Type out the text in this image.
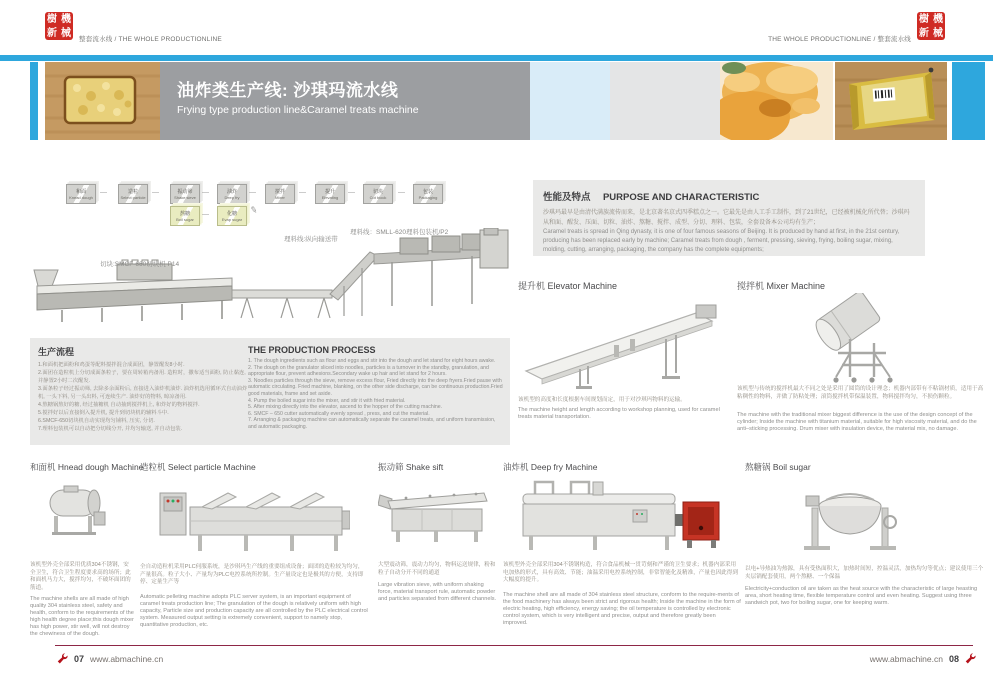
樹 機
新 械
整套流水线 / THE WHOLE PRODUCTIONLINE	THE WHOLE PRODUCTIONLINE / 整套流水线
樹 機
新 械
油炸类生产线: 沙琪玛流水线
Frying type production line&Caramel treats machine
和面
Knead dough
造粒
Select particle
振动筛
Shake sieve
油炸
Deep fry
搅拌
Mixer
提升
Elevating
切块
Cut block
包装
Packaging
—	—	—	—	—	—	—
熬糖
Boil sugar
—	化糖
Evap sugar
✎
切块:SMCF-660切块机 P14
理料线:纵向输送带
理料线：SMLL-620理料包装机/P2
生产流程
1.和面机把面粉和鸡蛋等配料搅拌混合成面团，静置醒发8小时.
2.面团在造粒机上分切成面条粒子，要在周转箱内备用. 造粒时，撒布适当面粉, 防止黏连, 并静置2小时二次醒发.
3.面条粒子经过振动筛, 去除多余面粉后, 直接进入油炸机油炸. 油炸机选用循环式自动油炸机, 一头下料, 另一头出料, 可连续生产. 油炸好的物料, 晾凉备用.
4.熬糖锅熬好的糖, 经过抽糖机 自动抽到搅拌机上, 和炸好的物料搅拌.
5.搅拌好以后直接倒入提升机, 提升到切块机的辅料斗中.
6.SMCF-650切块机自动实现均匀铺料, 压实, 分切.
7.理料包装机可以自动把分切线分开, 并均匀输送, 并自动包装.
THE PRODUCTION PROCESS
1. The dough ingredients such as flour and eggs and stir into the dough and let stand for eight hours awake.
2. The dough on the granulator sliced into noodles, particles is a turnover in the standby, granulation, and appropriate flour, prevent adhesions.Secondary wake up hair and let stand for 2 hours.
3. Noodles particles through the sieve, remove excess flour, Fried directly into the deep fryers.Fried pause with automatic circulating. Fried machine, blanking, on the other side discharge, can be continuous production.Fried good materials, frame and set aside.
4. Pump the boiled sugar into the mixer, and stir it with fried material.
5. After mixing directly into the elevator, ascend to the hopper of the cutting machine.
6. SMCF – 650 cutter automatically evenly spread , press, and cut the material.
7. Arranging & packaging machine can automatically separate the caramel treats, and uniform transmission, and automatic packaging.
性能及特点 PURPOSE AND CHARACTERISTIC
沙琪玛最早是由清代满族流传而来，是北京著名京式四季糕点之一。它最先是由人工手工制作，到了21世纪，已经被机械化所代替；沙琪玛从和面、醒发、压面、切粒、油炸、熬糖、搅拌、成型、分切、理料、包装，全套设备本公司均有生产；
Caramel treats is spread in Qing dynasty, it is one of four famous seasons of Beijing. It is produced by hand at first, in the 21st century, producing has been replaced early by machine; Caramel treats from dough , ferment, pressing, sieving, frying, boiling sugar, mixing, molding, cutting, arranging, packaging, the company has the complete equipments;
提升机 Elevator Machine
该机型的高度和长度根据车间规划而定，用于对沙琪玛物料的运输。
The machine height and length according to workshop planning, used for caramel treats material transportation.
搅拌机 Mixer Machine
该机型与传统的搅拌机最大不同之处是采用了圆筒的设计理念；机器内部带有不粘锅材质，适用于高粘稠性的物料，并做了防粘处理；滚筒搅拌机带保温装置，物料搅拌均匀，不损伤颗粒。
The machine with the traditional mixer biggest difference is the use of the design concept of the cylinder; Inside the machine with titanium material, suitable for high viscosity material, and do the anti–sticking processing. Drum mixer with insulation device, the material mix, no damage.
和面机 Hnead dough Machine
该机型外壳全部采用优质304不锈钢，安全卫生，符合卫生程度要求高的场所；此和面机马力大，搅拌均匀，不破坏面团的筋道。
The machine shells are all made of high quality 304 stainless steel, safety and health, conform to the requirements of the high health degree place;this dough mixer has high power, stir well, will not destroy the chewiness of the dough.
造粒机 Select particle Machine
全自动造粒机采用PLC伺服系统，是沙琪玛生产线的重要组成设备；面团的造粒较为均匀，产量很高。粒子大小、产量均为PLC电控系统所控制。生产量设定也是极其的方便，支持即停、定量生产等
Automatic pelleting machine adopts PLC server system, is an important equipment of caramel treats production line; The granulation of the dough is relatively uniform with high capacity, Particle size and production capacity are all controlled by the PLC electrical control system. Measured output setting is extremely convenient, support to namely stop, quantitative production, etc.
振动筛 Shake sift
大型震动筛，震动力均匀，物料运送规律，粉和粒子自动分开不同的通道
Large vibration sieve, with uniform shaking force, material transport rule, automatic powder and particles separated from different channels.
油炸机 Deep fry Machine
该机型外壳全部采用304不锈钢构造，符合食品机械一贯苛刻和严谨的卫生要求；机器内部采用电加热的形式，具有高效、节能；油温采用电控系统控制，非常智能化及精准，产量也因此得到大幅度的提升。
The machine shell are all made of 304 stainless steel structure, conform to the require-ments of the food machinery has always been strict and rigorous health; Inside the machine in the form of electric heating, high efficiency, energy saving; the oil temperature is controlled by electronic control system, which is very intelligent and precise, output and therefore greatly been improved.
熬糖锅 Boil sugar
以电+导热油为热源，具有受热面积大，加热时间短，控温灵活，加热均匀等优点；建议使用三个夹层锅配套使用，两个熬糖、一个保温
Electricity+conduction oil are taken as the heat source with the characteristic of large heasting area, short heating time, flexible temperature control and even heating. Suggest using three sandwich pot, two for boiling sugar, one for keeping warm.
07 www.abmachine.cn	www.abmachine.cn 08
